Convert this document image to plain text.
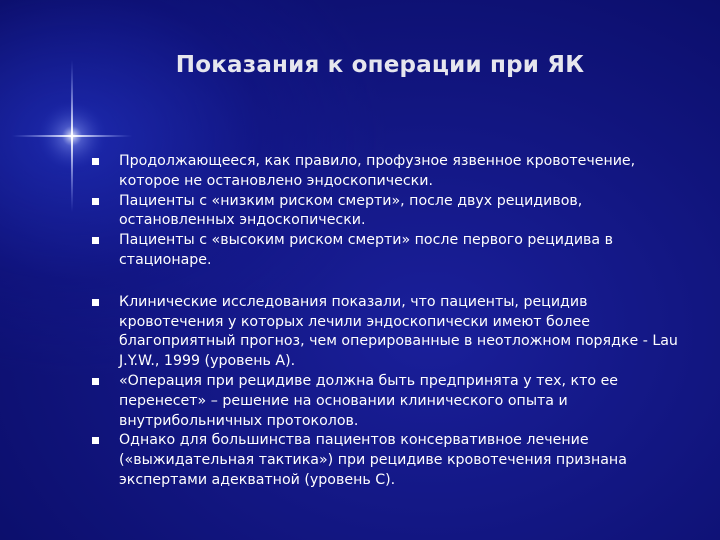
Показания к операции при ЯК
Продолжающееся, как правило, профузное язвенное кровотечение, которое не остановлено эндоскопически.
Пациенты с «низким риском смерти», после двух рецидивов, остановленных эндоскопически.
Пациенты с «высоким риском смерти» после первого рецидива в стационаре.
Клинические исследования показали, что пациенты, рецидив кровотечения у которых лечили эндоскопически имеют более благоприятный прогноз, чем оперированные в неотложном порядке - Lau J.Y.W., 1999 (уровень А).
«Операция при рецидиве должна быть предпринята у тех, кто ее перенесет» – решение на основании клинического опыта и внутрибольничных протоколов.
Однако для большинства пациентов консервативное лечение («выжидательная тактика») при рецидиве кровотечения признана экспертами адекватной (уровень С).
